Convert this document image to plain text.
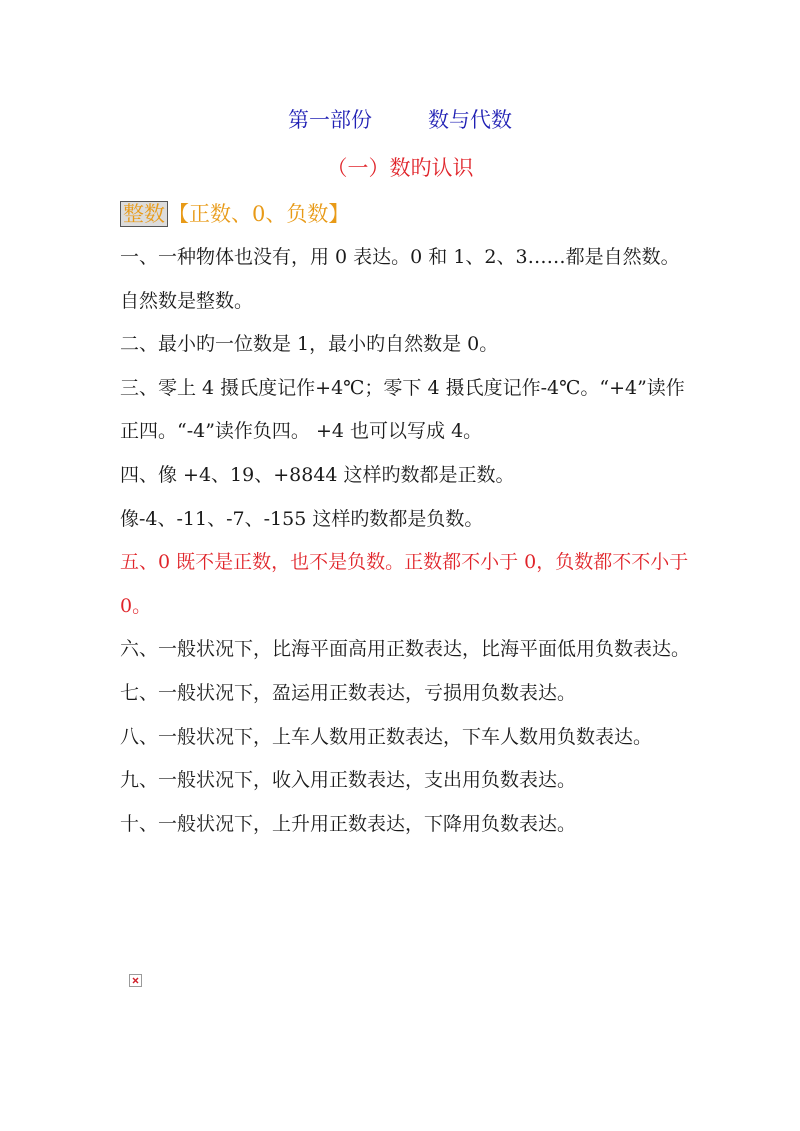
第一部份	数与代数
（一）数旳认识
整数 【正数、0、负数】

一、一种物体也没有，用 0 表达。0 和 1、2、3……都是自然数。自然数是整数。

二、最小旳一位数是 1，最小旳自然数是 0。

三、零上 4 摄氏度记作+4℃；零下 4 摄氏度记作-4℃。“+4”读作正四。“-4”读作负四。 +4 也可以写成 4。

四、像 +4、19、+8844 这样旳数都是正数。像-4、-11、-7、-155 这样旳数都是负数。

五、0 既不是正数，也不是负数。正数都不小于 0，负数都不不小于 0。

六、一般状况下，比海平面高用正数表达，比海平面低用负数表达。

七、一般状况下，盈运用正数表达，亏损用负数表达。

八、一般状况下，上车人数用正数表达，下车人数用负数表达。

九、一般状况下，收入用正数表达，支出用负数表达。

十、一般状况下，上升用正数表达，下降用负数表达。
